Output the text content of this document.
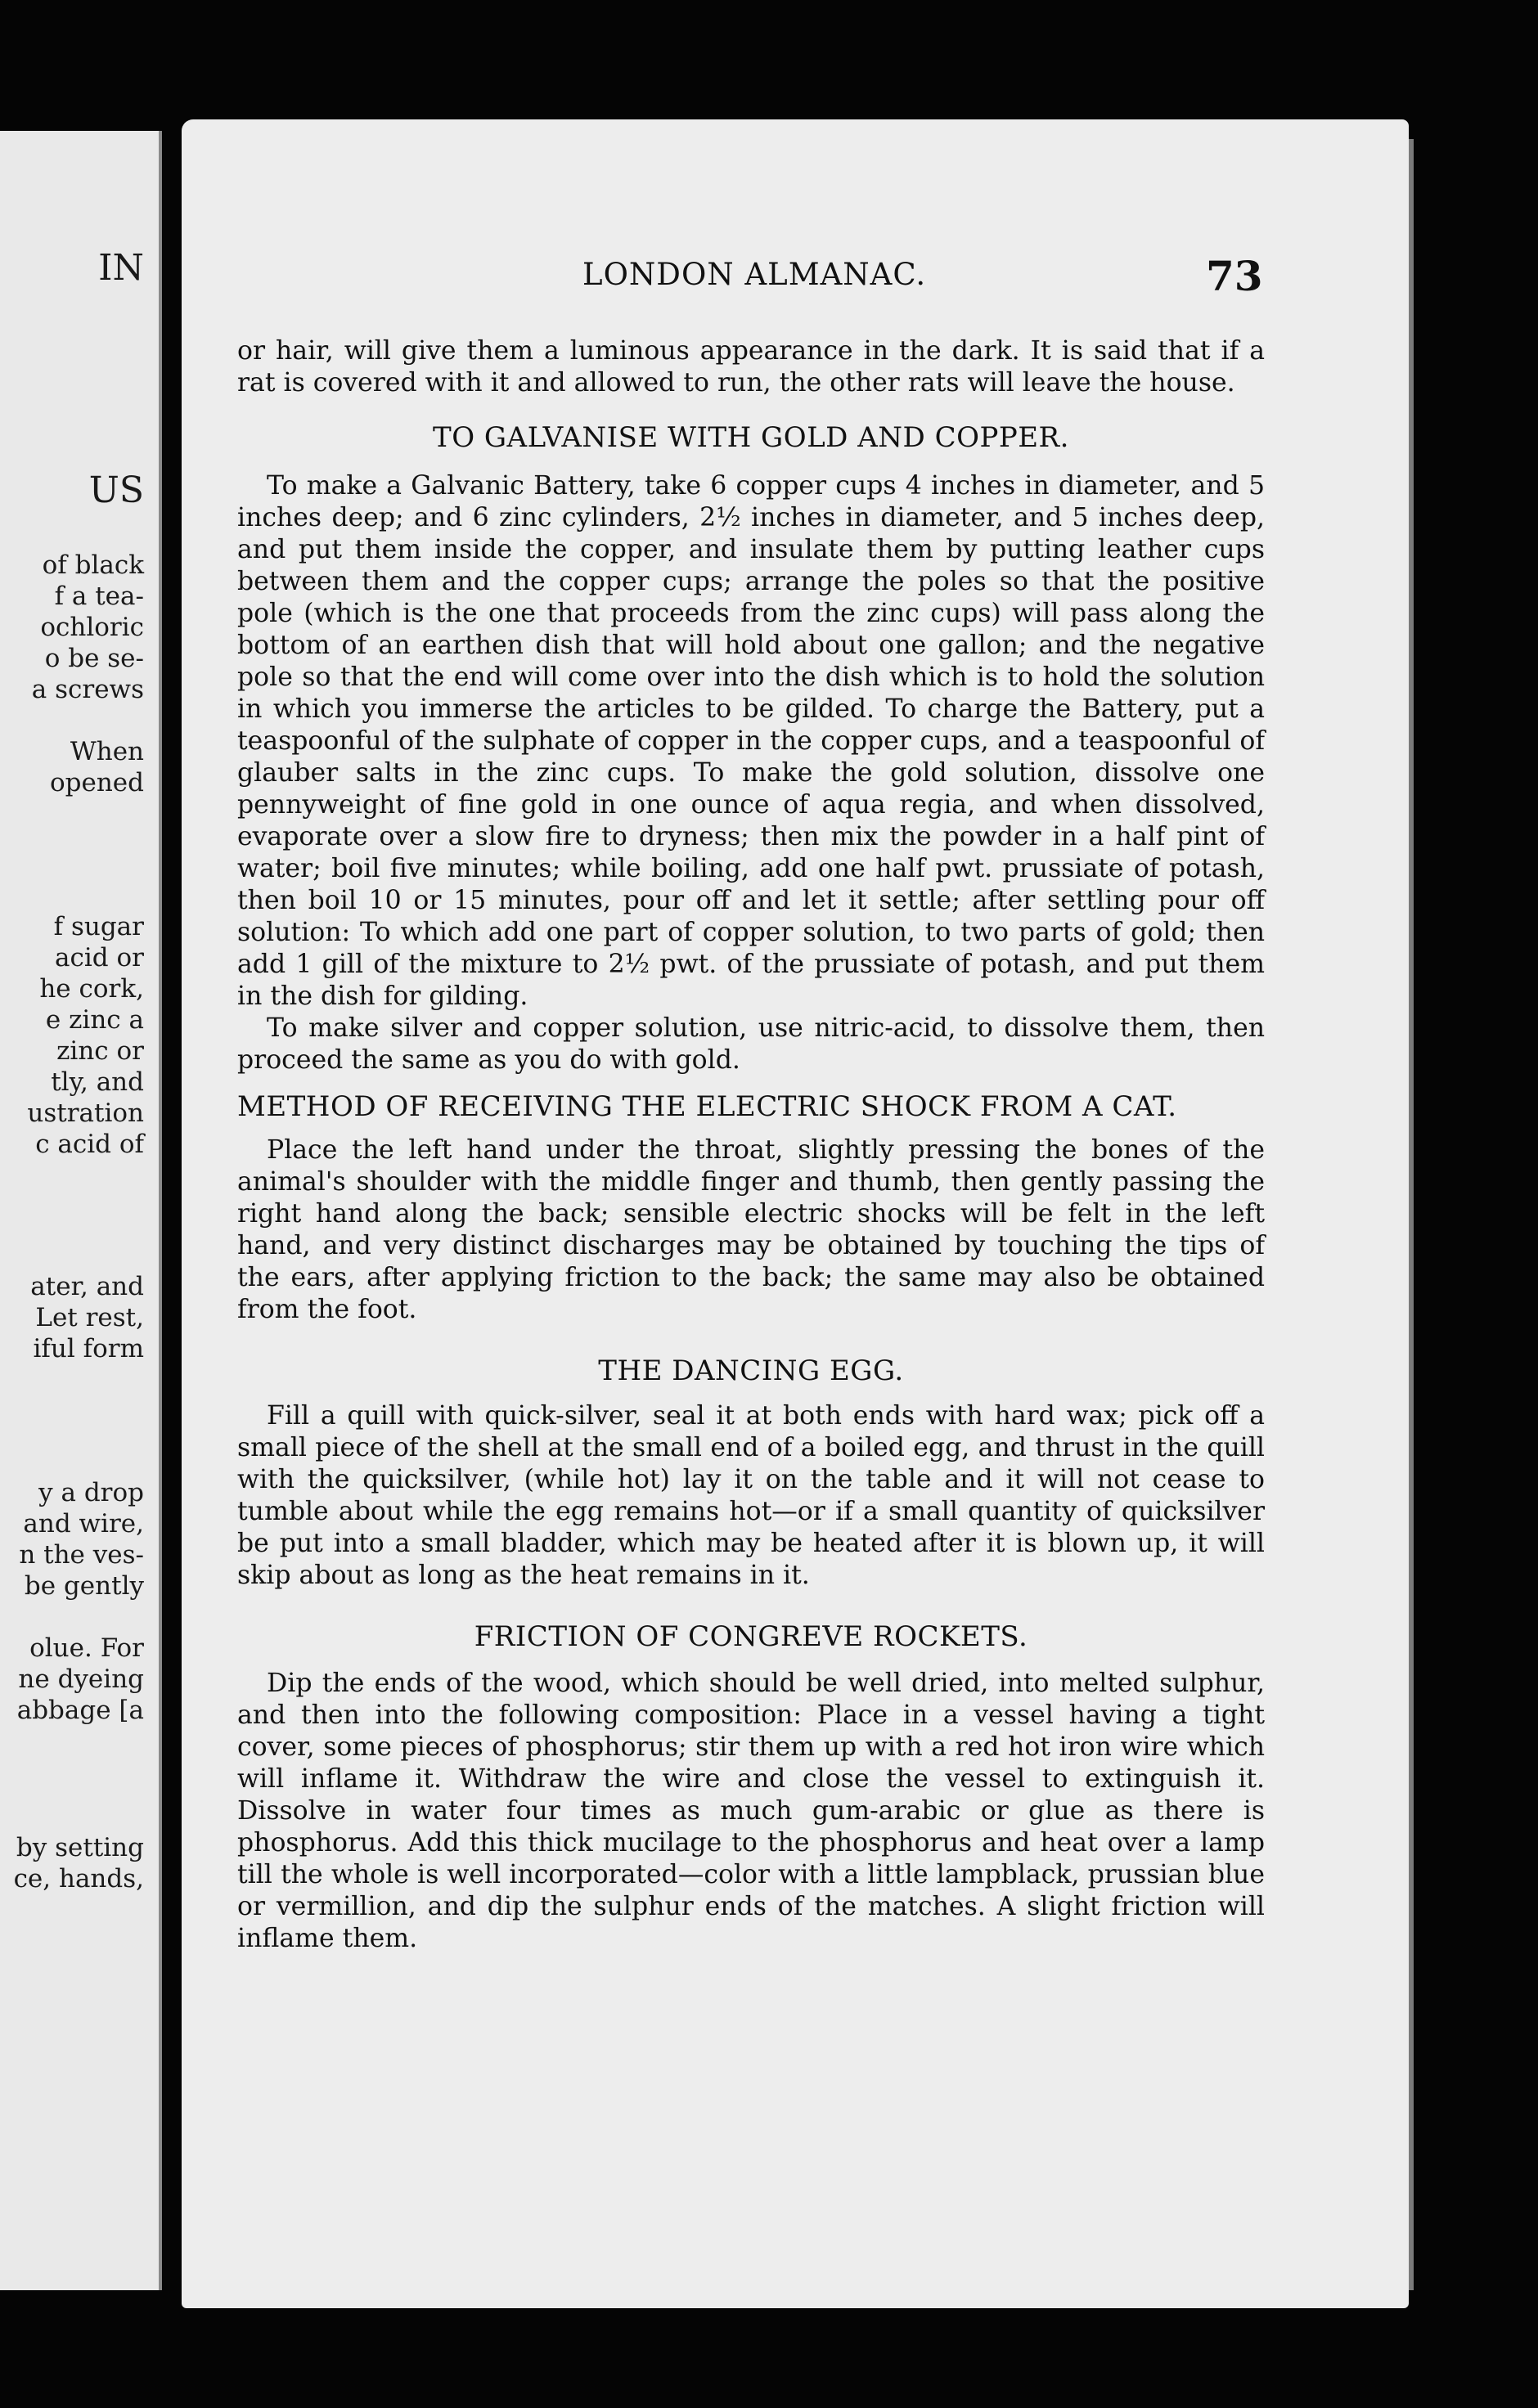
IN
US
of black
f a tea-
ochloric
o be se-
a screws
When
opened
f sugar
acid or
he cork,
e zinc a
zinc or
tly, and
ustration
c acid of
ater, and
Let rest,
iful form
y a drop
and wire,
n the ves-
be gently
olue. For
ne dyeing
abbage [a
by setting
ce, hands,
LONDON ALMANAC.	73

or hair, will give them a luminous appearance in the dark. It is said that if a rat is covered with it and allowed to run, the other rats will leave the house.

TO GALVANISE WITH GOLD AND COPPER.

To make a Galvanic Battery, take 6 copper cups 4 inches in diameter, and 5 inches deep; and 6 zinc cylinders, 2½ inches in diameter, and 5 inches deep, and put them inside the copper, and insulate them by putting leather cups between them and the copper cups; arrange the poles so that the positive pole (which is the one that proceeds from the zinc cups) will pass along the bottom of an earthen dish that will hold about one gallon; and the negative pole so that the end will come over into the dish which is to hold the solution in which you immerse the articles to be gilded. To charge the Battery, put a teaspoonful of the sulphate of copper in the copper cups, and a teaspoonful of glauber salts in the zinc cups. To make the gold solution, dissolve one pennyweight of fine gold in one ounce of aqua regia, and when dissolved, evaporate over a slow fire to dryness; then mix the powder in a half pint of water; boil five minutes; while boiling, add one half pwt. prussiate of potash, then boil 10 or 15 minutes, pour off and let it settle; after settling pour off solution: To which add one part of copper solution, to two parts of gold; then add 1 gill of the mixture to 2½ pwt. of the prussiate of potash, and put them in the dish for gilding.

To make silver and copper solution, use nitric-acid, to dissolve them, then proceed the same as you do with gold.

METHOD OF RECEIVING THE ELECTRIC SHOCK FROM A CAT.

Place the left hand under the throat, slightly pressing the bones of the animal's shoulder with the middle finger and thumb, then gently passing the right hand along the back; sensible electric shocks will be felt in the left hand, and very distinct discharges may be obtained by touching the tips of the ears, after applying friction to the back; the same may also be obtained from the foot.

THE DANCING EGG.

Fill a quill with quick-silver, seal it at both ends with hard wax; pick off a small piece of the shell at the small end of a boiled egg, and thrust in the quill with the quicksilver, (while hot) lay it on the table and it will not cease to tumble about while the egg remains hot—or if a small quantity of quicksilver be put into a small bladder, which may be heated after it is blown up, it will skip about as long as the heat remains in it.

FRICTION OF CONGREVE ROCKETS.

Dip the ends of the wood, which should be well dried, into melted sulphur, and then into the following composition: Place in a vessel having a tight cover, some pieces of phosphorus; stir them up with a red hot iron wire which will inflame it. Withdraw the wire and close the vessel to extinguish it. Dissolve in water four times as much gum-arabic or glue as there is phosphorus. Add this thick mucilage to the phosphorus and heat over a lamp till the whole is well incorporated—color with a little lampblack, prussian blue or vermillion, and dip the sulphur ends of the matches. A slight friction will inflame them.
